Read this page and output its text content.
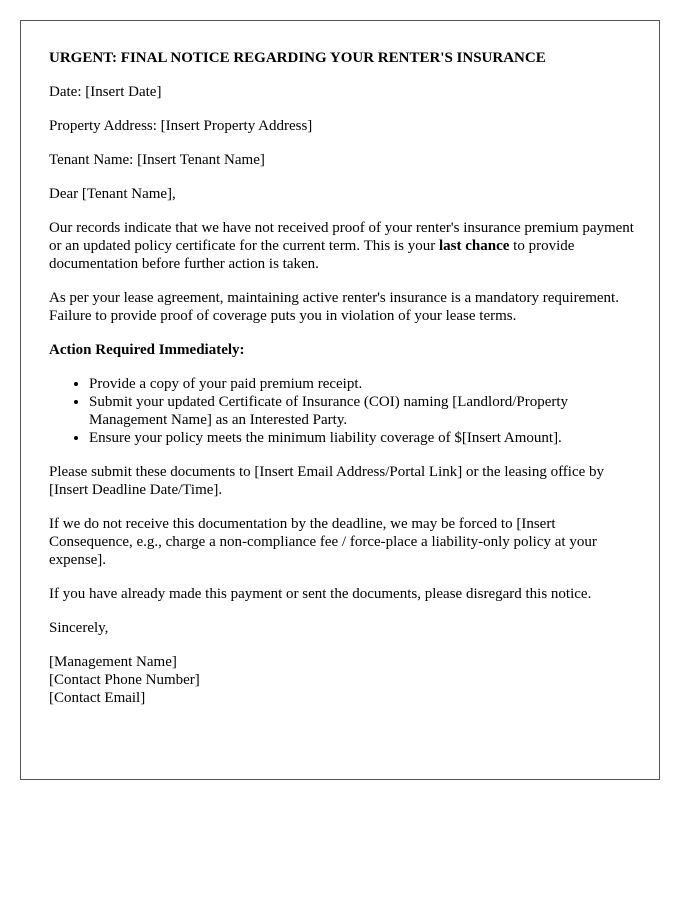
URGENT: FINAL NOTICE REGARDING YOUR RENTER'S INSURANCE

Date: [Insert Date]

Property Address: [Insert Property Address]

Tenant Name: [Insert Tenant Name]

Dear [Tenant Name],

Our records indicate that we have not received proof of your renter's insurance premium payment or an updated policy certificate for the current term. This is your last chance to provide documentation before further action is taken.

As per your lease agreement, maintaining active renter's insurance is a mandatory requirement. Failure to provide proof of coverage puts you in violation of your lease terms.

Action Required Immediately:
• Provide a copy of your paid premium receipt.
• Submit your updated Certificate of Insurance (COI) naming [Landlord/Property Management Name] as an Interested Party.
• Ensure your policy meets the minimum liability coverage of $[Insert Amount].

Please submit these documents to [Insert Email Address/Portal Link] or the leasing office by [Insert Deadline Date/Time].

If we do not receive this documentation by the deadline, we may be forced to [Insert Consequence, e.g., charge a non-compliance fee / force-place a liability-only policy at your expense].

If you have already made this payment or sent the documents, please disregard this notice.

Sincerely,

[Management Name]
[Contact Phone Number]
[Contact Email]
